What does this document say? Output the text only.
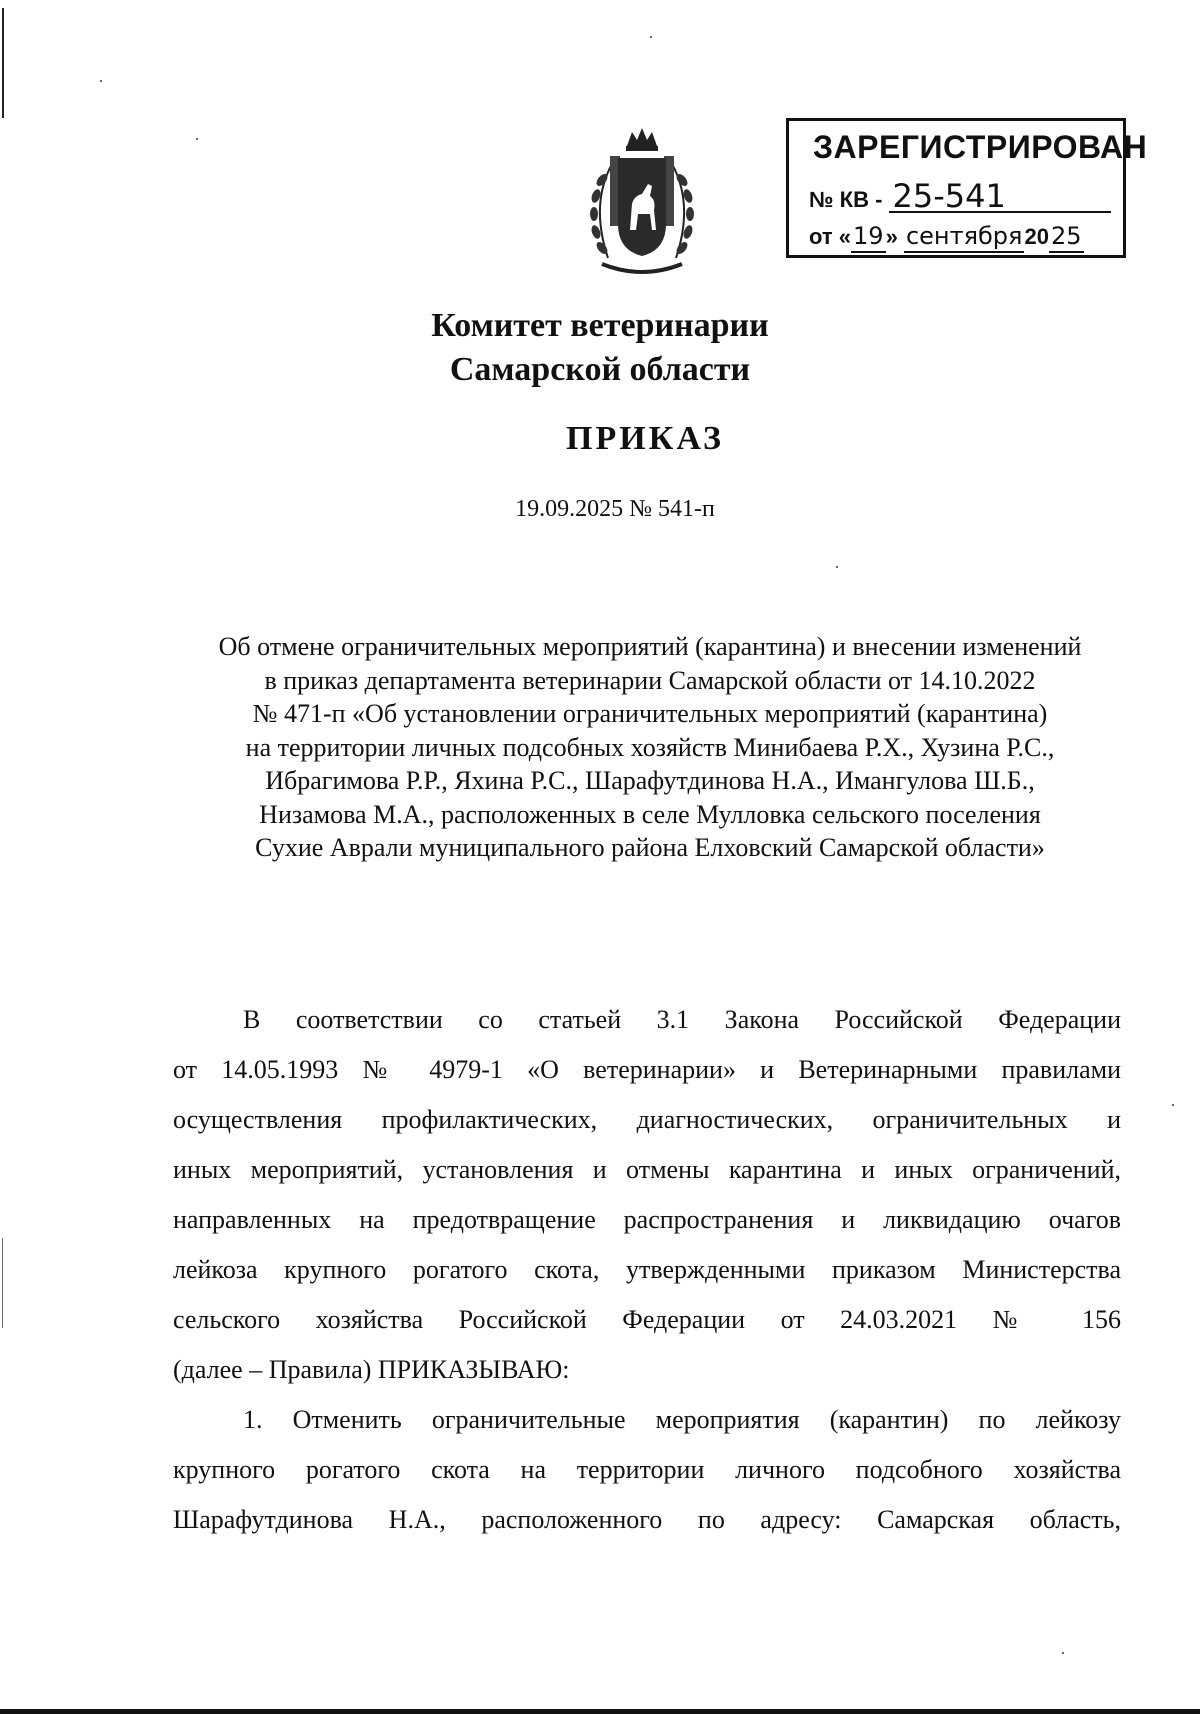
ЗАРЕГИСТРИРОВАН
№ КВ - 25-541
от «19» сентября2025
Комитет ветеринарии
Самарской области
ПРИКАЗ
19.09.2025 № 541-п
Об отмене ограничительных мероприятий (карантина) и внесении изменений
в приказ департамента ветеринарии Самарской области от 14.10.2022
№ 471-п «Об установлении ограничительных мероприятий (карантина)
на территории личных подсобных хозяйств Минибаева Р.Х., Хузина Р.С.,
Ибрагимова Р.Р., Яхина Р.С., Шарафутдинова Н.А., Имангулова Ш.Б.,
Низамова М.А., расположенных в селе Мулловка сельского поселения
Сухие Аврали муниципального района Елховский Самарской области»
В соответствии со статьей 3.1 Закона Российской Федерации
от 14.05.1993 № 4979-1 «О ветеринарии» и Ветеринарными правилами
осуществления профилактических, диагностических, ограничительных и
иных мероприятий, установления и отмены карантина и иных ограничений,
направленных на предотвращение распространения и ликвидацию очагов
лейкоза крупного рогатого скота, утвержденными приказом Министерства
сельского хозяйства Российской Федерации от 24.03.2021 № 156
(далее – Правила) ПРИКАЗЫВАЮ:
1. Отменить ограничительные мероприятия (карантин) по лейкозу
крупного рогатого скота на территории личного подсобного хозяйства
Шарафутдинова Н.А., расположенного по адресу: Самарская область,
